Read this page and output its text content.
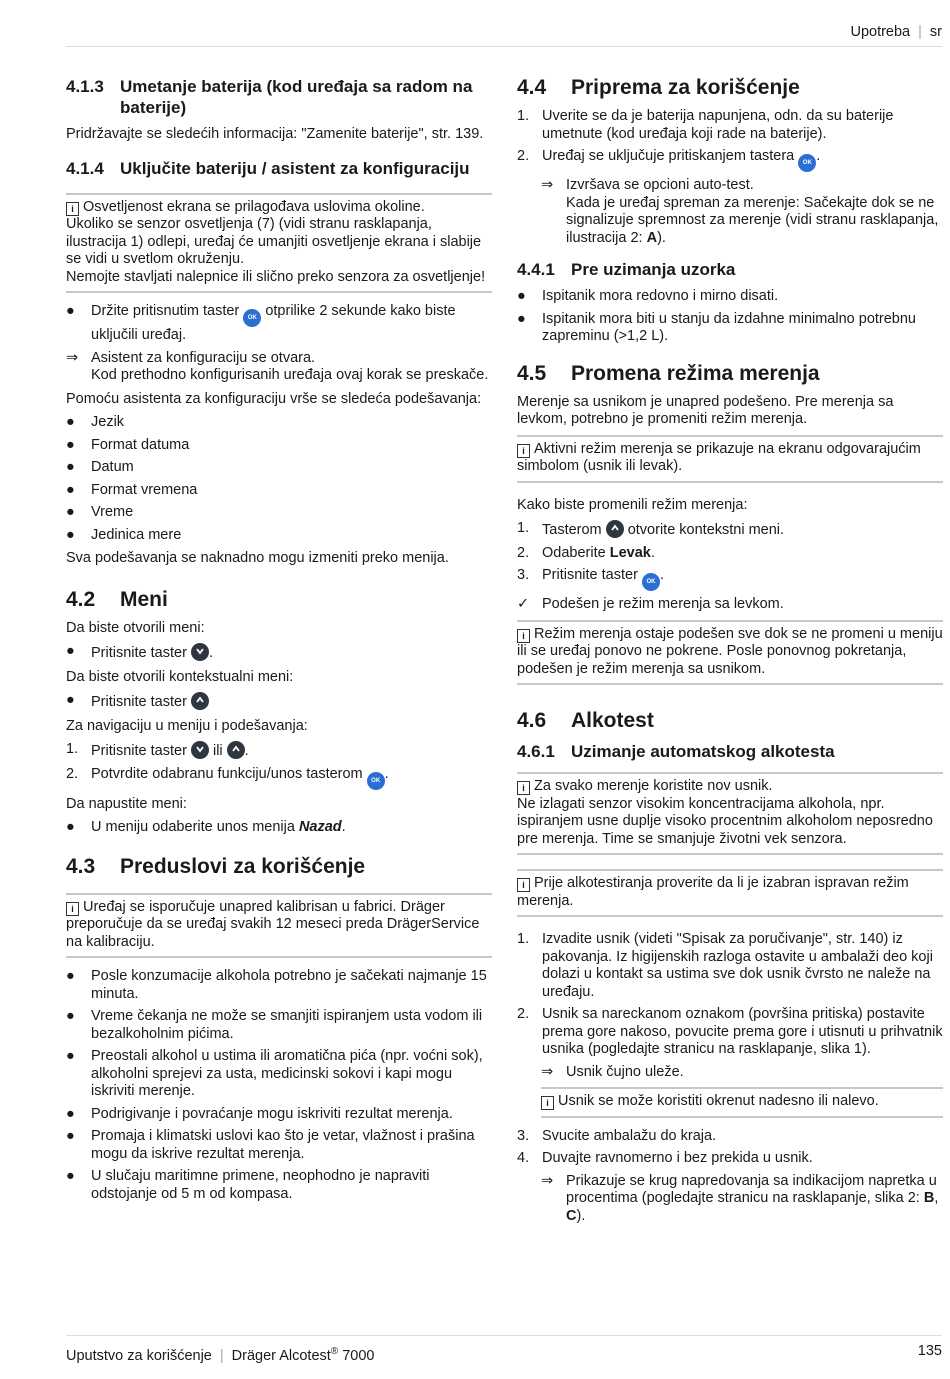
Upotreba | sr
4.1.3 Umetanje baterija (kod uređaja sa radom na baterije)

Pridržavajte se sledećih informacija: "Zamenite baterije", str. 139.

4.1.4 Uključite bateriju / asistent za konfiguraciju

i Osvetljenost ekrana se prilagođava uslovima okoline.

Ukoliko se senzor osvetljenja (7) (vidi stranu rasklapanja, ilustracija 1) odlepi, uređaj će umanjiti osvetljenje ekrana i slabije se vidi u svetlom okruženju.

Nemojte stavljati nalepnice ili slično preko senzora za osvetljenje!

● Držite pritisnutim taster OK otprilike 2 sekunde kako biste uključili uređaj.
⇒ Asistent za konfiguraciju se otvara.
Kod prethodno konfigurisanih uređaja ovaj korak se preskače.

Pomoću asistenta za konfiguraciju vrše se sledeća podešavanja:

● Jezik
● Format datuma
● Datum
● Format vremena
● Vreme
● Jedinica mere

Sva podešavanja se naknadno mogu izmeniti preko menija.

4.2	Meni

Da biste otvorili meni:

● Pritisnite taster .

Da biste otvorili kontekstualni meni:

● Pritisnite taster

Za navigaciju u meniju i podešavanja:

1. Pritisnite taster ili .
2. Potvrdite odabranu funkciju/unos tasterom OK .

Da napustite meni:

● U meniju odaberite unos menija Nazad.
4.3	Preduslovi za korišćenje

i Uređaj se isporučuje unapred kalibrisan u fabrici. Dräger preporučuje da se uređaj svakih 12 meseci preda DrägerService na kalibraciju.

● Posle konzumacije alkohola potrebno je sačekati najmanje 15 minuta.
● Vreme čekanja ne može se smanjiti ispiranjem usta vodom ili bezalkoholnim pićima.
● Preostali alkohol u ustima ili aromatična pića (npr. voćni sok), alkoholni sprejevi za usta, medicinski sokovi i kapi mogu iskriviti merenje.
● Podrigivanje i povraćanje mogu iskriviti rezultat merenja.
● Promaja i klimatski uslovi kao što je vetar, vlažnost i prašina mogu da iskrive rezultat merenja.
● U slučaju maritimne primene, neophodno je napraviti odstojanje od 5 m od kompasa.
4.4	Priprema za korišćenje
1. Uverite se da je baterija napunjena, odn. da su baterije umetnute (kod uređaja koji rade na baterije).
2. Uređaj se uključuje pritiskanjem tastera OK .
⇒ Izvršava se opcioni auto-test.
Kada je uređaj spreman za merenje: Sačekajte dok se ne signalizuje spremnost za merenje (vidi stranu rasklapanja, ilustracija 2: A).
4.4.1 Pre uzimanja uzorka
● Ispitanik mora redovno i mirno disati.
● Ispitanik mora biti u stanju da izdahne minimalno potrebnu zapreminu (>1,2 L).
4.5	Promena režima merenja

Merenje sa usnikom je unapred podešeno. Pre merenja sa levkom, potrebno je promeniti režim merenja.

i Aktivni režim merenja se prikazuje na ekranu odgovarajućim simbolom (usnik ili levak).

Kako biste promenili režim merenja:

1. Tasterom otvorite kontekstni meni.
2. Odaberite Levak.
3. Pritisnite taster OK .
✓ Podešen je režim merenja sa levkom.

i Režim merenja ostaje podešen sve dok se ne promeni u meniju ili se uređaj ponovo ne pokrene. Posle ponovnog pokretanja, podešen je režim merenja sa usnikom.

4.6	Alkotest
4.6.1 Uzimanje automatskog alkotesta

i Za svako merenje koristite nov usnik.

Ne izlagati senzor visokim koncentracijama alkohola, npr. ispiranjem usne duplje visoko procentnim alkoholom neposredno pre merenja. Time se smanjuje životni vek senzora.

i Prije alkotestiranja proverite da li je izabran ispravan režim merenja.

1. Izvadite usnik (videti "Spisak za poručivanje", str. 140) iz pakovanja. Iz higijenskih razloga ostavite u ambalaži deo koji dolazi u kontakt sa ustima sve dok usnik čvrsto ne naleže na uređaju.
2. Usnik sa nareckanom oznakom (površina pritiska) postavite prema gore nakoso, povucite prema gore i utisnuti u prihvatnik usnika (pogledajte stranicu na rasklapanje, slika 1).
⇒ Usnik čujno uleže.

i Usnik se može koristiti okrenut nadesno ili nalevo.

3. Svucite ambalažu do kraja.
4. Duvajte ravnomerno i bez prekida u usnik.
⇒ Prikazuje se krug napredovanja sa indikacijom napretka u procentima (pogledajte stranicu na rasklapanje, slika 2: B, C).
Uputstvo za korišćenje | Dräger Alcotest® 7000	135
